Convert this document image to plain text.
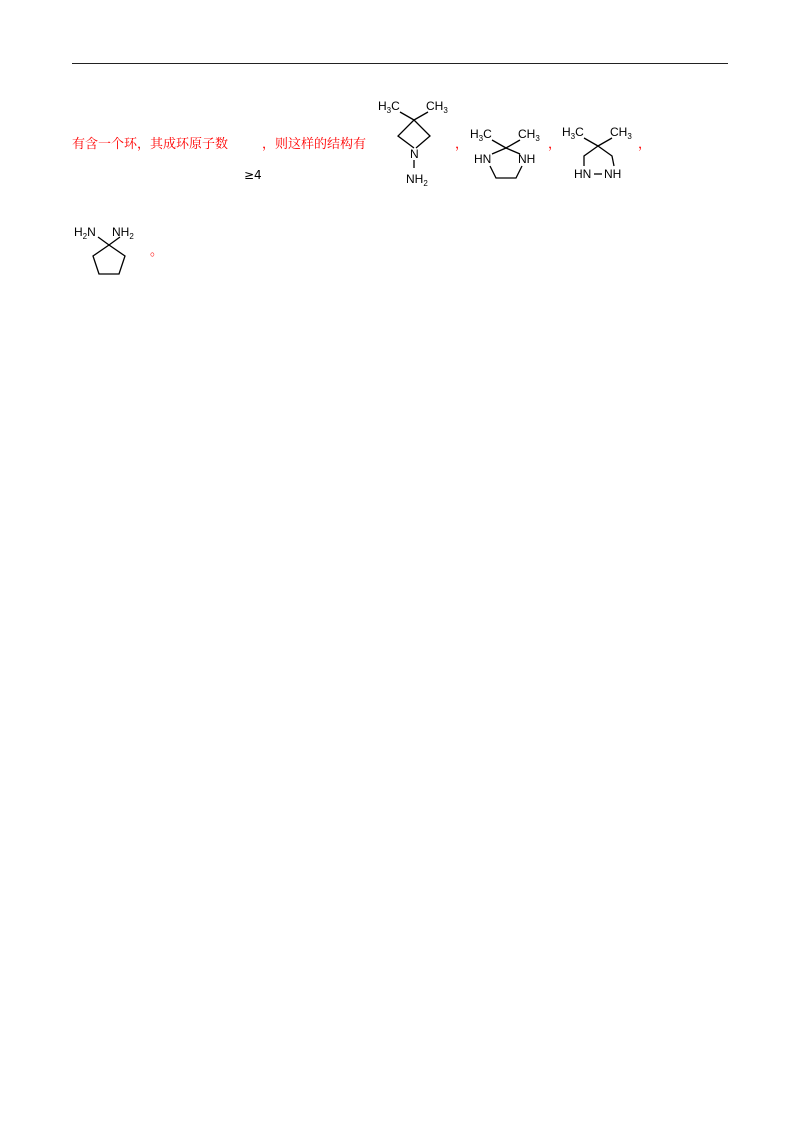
有含一个环，其成环原子数
≥4
，则这样的结构有
$H_3C$ $CH_3$
N
$NH_2$
，
$H_3C$ $CH_3$
HN NH
，
$H_3C$ $CH_3$
HN NH
，
$H_2N$ $NH_2$
。
